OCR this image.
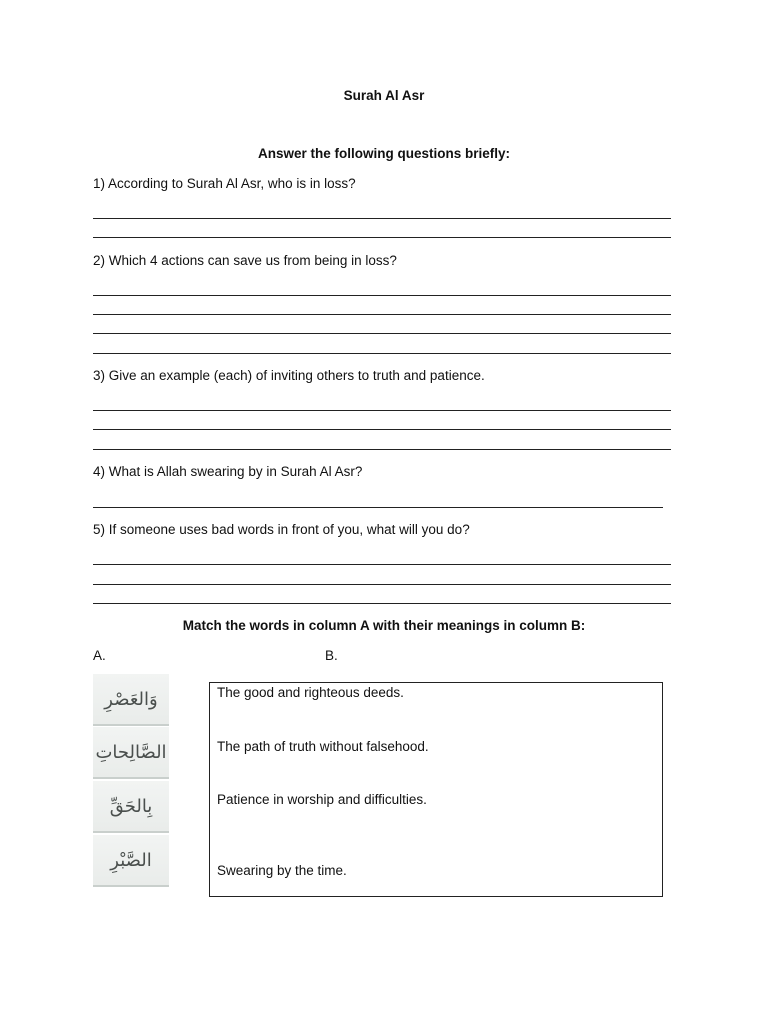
Surah Al Asr
Answer the following questions briefly:
1) According to Surah Al Asr, who is in loss?
2) Which 4 actions can save us from being in loss?
3) Give an example (each) of inviting others to truth and patience.
4) What is Allah swearing by in Surah Al Asr?
5) If someone uses bad words in front of you, what will you do?
Match the words in column A with their meanings in column B:
A.	B.
وَالعَصْرِ
الصَّالِحاتِ
بِالحَقِّ
الصَّبْرِ
The good and righteous deeds.
The path of truth without falsehood.
Patience in worship and difficulties.
Swearing by the time.
